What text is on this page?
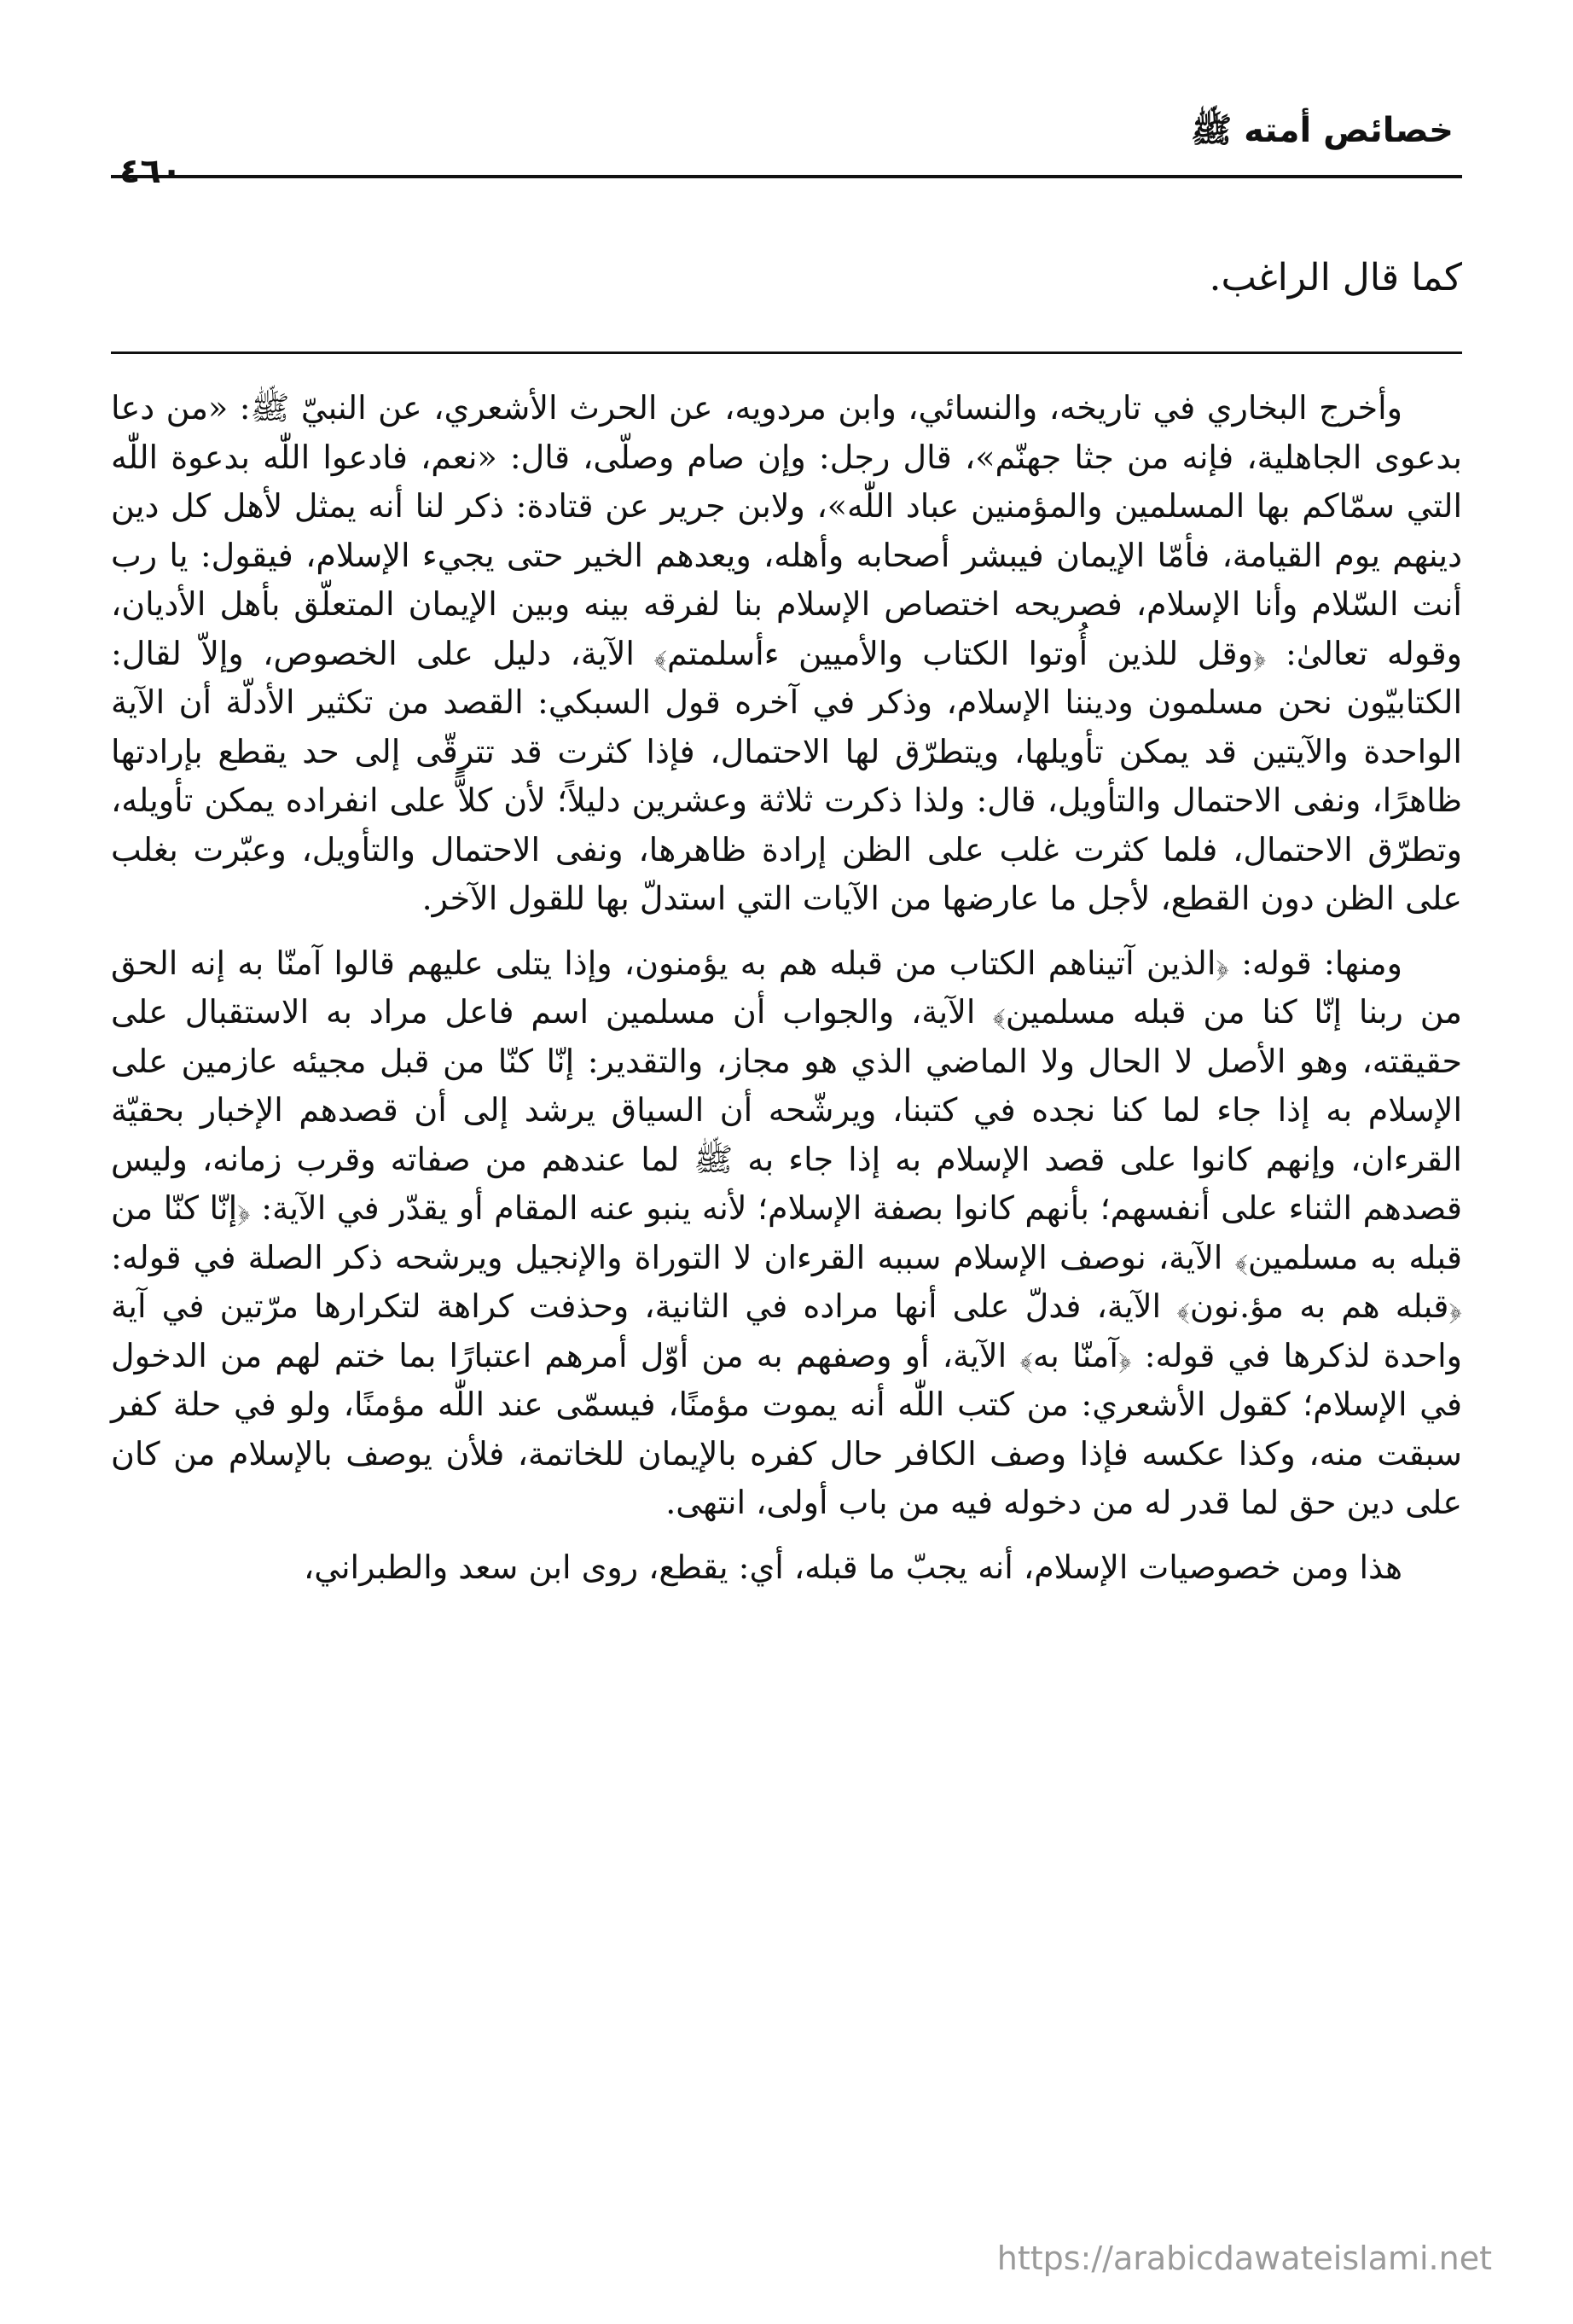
خصائص أمته ﷺ
٤٦٠
كما قال الراغب.

وأخرج البخاري في تاريخه، والنسائي، وابن مردويه، عن الحرث الأشعري، عن النبيّ ﷺ: «من دعا بدعوى الجاهلية، فإنه من جثا جهنّم»، قال رجل: وإن صام وصلّى، قال: «نعم، فادعوا اللّٰه بدعوة اللّٰه التي سمّاكم بها المسلمين والمؤمنين عباد اللّٰه»، ولابن جرير عن قتادة: ذكر لنا أنه يمثل لأهل كل دين دينهم يوم القيامة، فأمّا الإيمان فيبشر أصحابه وأهله، ويعدهم الخير حتى يجيء الإسلام، فيقول: يا رب أنت السّلام وأنا الإسلام، فصريحه اختصاص الإسلام بنا لفرقه بينه وبين الإيمان المتعلّق بأهل الأديان، وقوله تعالىٰ: ﴿وقل للذين أُوتوا الكتاب والأميين ءأسلمتم﴾ الآية، دليل على الخصوص، وإلاّ لقال: الكتابيّون نحن مسلمون وديننا الإسلام، وذكر في آخره قول السبكي: القصد من تكثير الأدلّة أن الآية الواحدة والآيتين قد يمكن تأويلها، ويتطرّق لها الاحتمال، فإذا كثرت قد تترقّى إلى حد يقطع بإرادتها ظاهرًا، ونفى الاحتمال والتأويل، قال: ولذا ذكرت ثلاثة وعشرين دليلاً؛ لأن كلاًّ على انفراده يمكن تأويله، وتطرّق الاحتمال، فلما كثرت غلب على الظن إرادة ظاهرها، ونفى الاحتمال والتأويل، وعبّرت بغلب على الظن دون القطع، لأجل ما عارضها من الآيات التي استدلّ بها للقول الآخر.

ومنها: قوله: ﴿الذين آتيناهم الكتاب من قبله هم به يؤمنون، وإذا يتلى عليهم قالوا آمنّا به إنه الحق من ربنا إنّا كنا من قبله مسلمين﴾ الآية، والجواب أن مسلمين اسم فاعل مراد به الاستقبال على حقيقته، وهو الأصل لا الحال ولا الماضي الذي هو مجاز، والتقدير: إنّا كنّا من قبل مجيئه عازمين على الإسلام به إذا جاء لما كنا نجده في كتبنا، ويرشّحه أن السياق يرشد إلى أن قصدهم الإخبار بحقيّة القرءان، وإنهم كانوا على قصد الإسلام به إذا جاء به ﷺ لما عندهم من صفاته وقرب زمانه، وليس قصدهم الثناء على أنفسهم؛ بأنهم كانوا بصفة الإسلام؛ لأنه ينبو عنه المقام أو يقدّر في الآية: ﴿إنّا كنّا من قبله به مسلمين﴾ الآية، نوصف الإسلام سببه القرءان لا التوراة والإنجيل ويرشحه ذكر الصلة في قوله: ﴿قبله هم به مؤ.نون﴾ الآية، فدلّ على أنها مراده في الثانية، وحذفت كراهة لتكرارها مرّتين في آية واحدة لذكرها في قوله: ﴿آمنّا به﴾ الآية، أو وصفهم به من أوّل أمرهم اعتبارًا بما ختم لهم من الدخول في الإسلام؛ كقول الأشعري: من كتب اللّٰه أنه يموت مؤمنًا، فيسمّى عند اللّٰه مؤمنًا، ولو في حلة كفر سبقت منه، وكذا عكسه فإذا وصف الكافر حال كفره بالإيمان للخاتمة، فلأن يوصف بالإسلام من كان على دين حق لما قدر له من دخوله فيه من باب أولى، انتهى.

هذا ومن خصوصيات الإسلام، أنه يجبّ ما قبله، أي: يقطع، روى ابن سعد والطبراني،

https://arabicdawateislami.net
